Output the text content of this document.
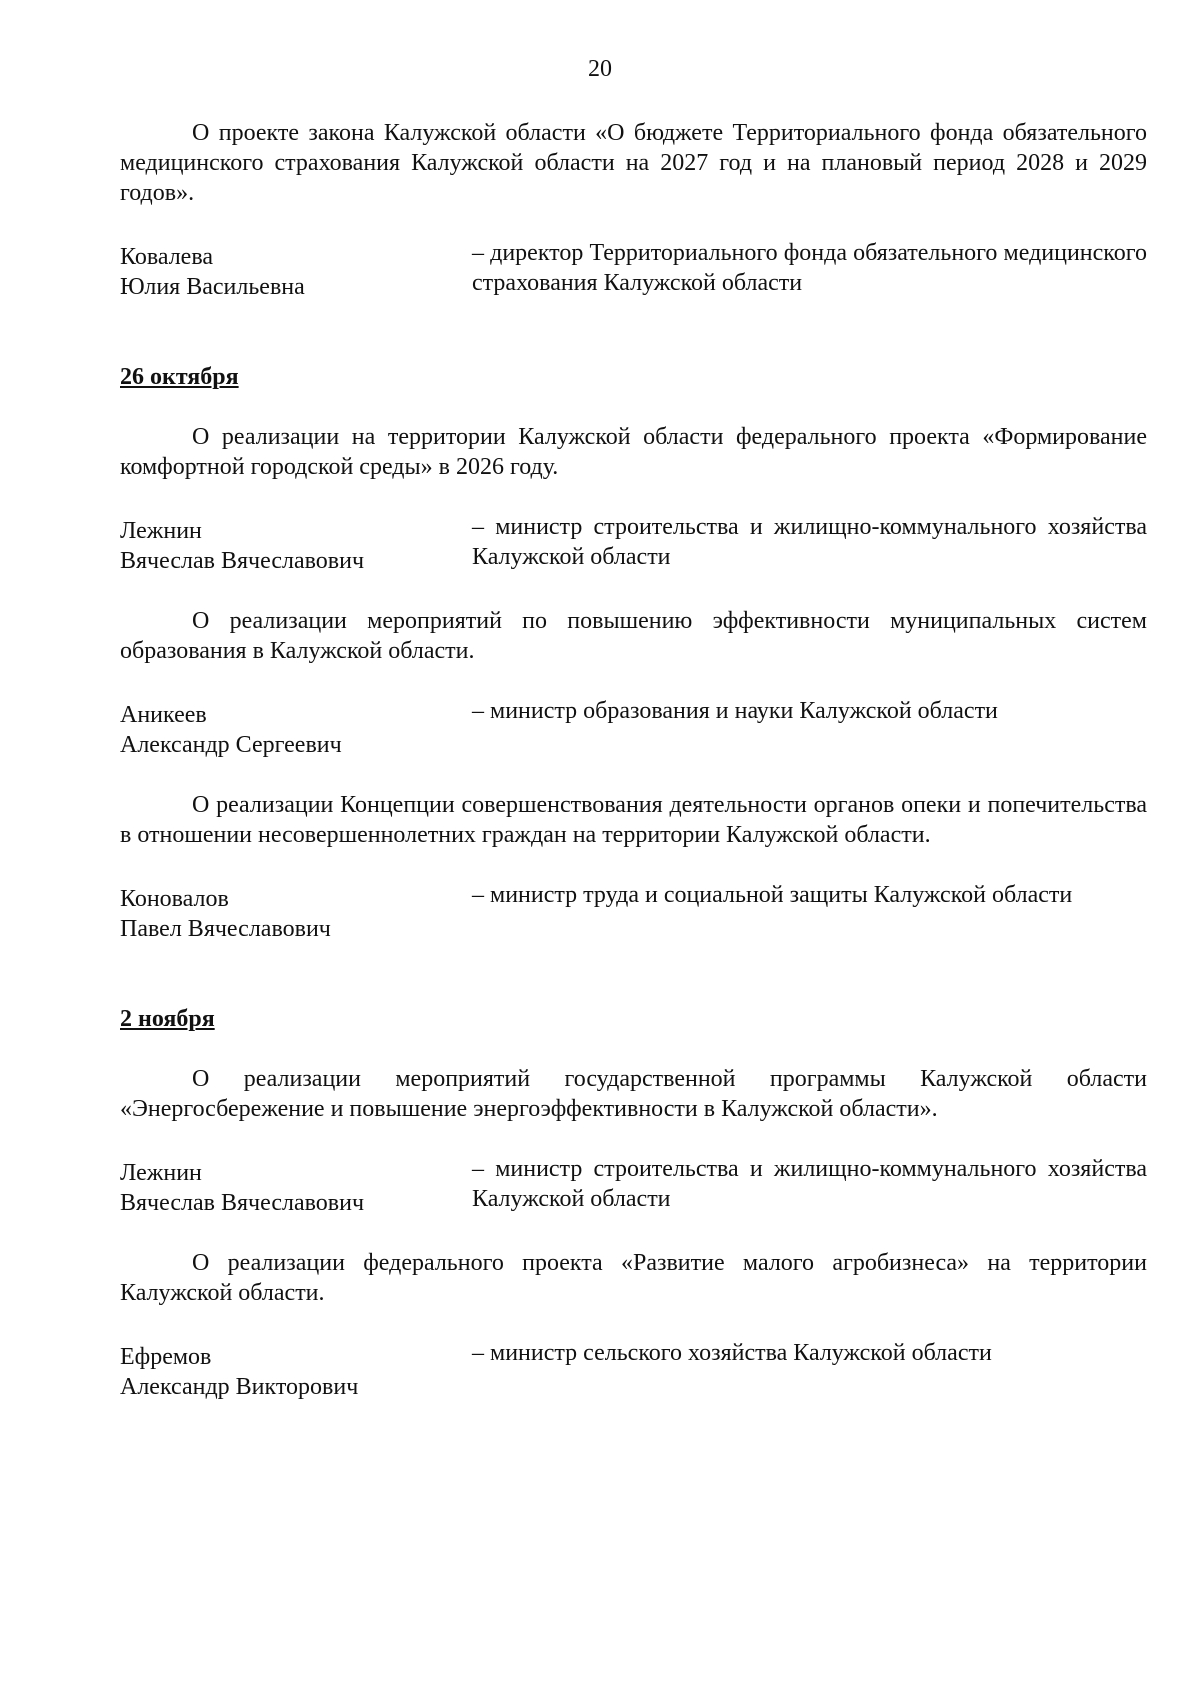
20

О проекте закона Калужской области «О бюджете Территориального фонда обязательного медицинского страхования Калужской области на 2027 год и на плановый период 2028 и 2029 годов».

Ковалева
Юлия Васильевна
– директор Территориального фонда обязательного медицинского страхования Калужской области
26 октября

О реализации на территории Калужской области федерального проекта «Формирование комфортной городской среды» в 2026 году.

Лежнин
Вячеслав Вячеславович
– министр строительства и жилищно-коммунального хозяйства Калужской области

О реализации мероприятий по повышению эффективности муниципальных систем образования в Калужской области.

Аникеев
Александр Сергеевич
– министр образования и науки Калужской области

О реализации Концепции совершенствования деятельности органов опеки и попечительства в отношении несовершеннолетних граждан на территории Калужской области.

Коновалов
Павел Вячеславович
– министр труда и социальной защиты Калужской области
2 ноября

О реализации мероприятий государственной программы Калужской области «Энергосбережение и повышение энергоэффективности в Калужской области».

Лежнин
Вячеслав Вячеславович
– министр строительства и жилищно-коммунального хозяйства Калужской области

О реализации федерального проекта «Развитие малого агробизнеса» на территории Калужской области.

Ефремов
Александр Викторович
– министр сельского хозяйства Калужской области
